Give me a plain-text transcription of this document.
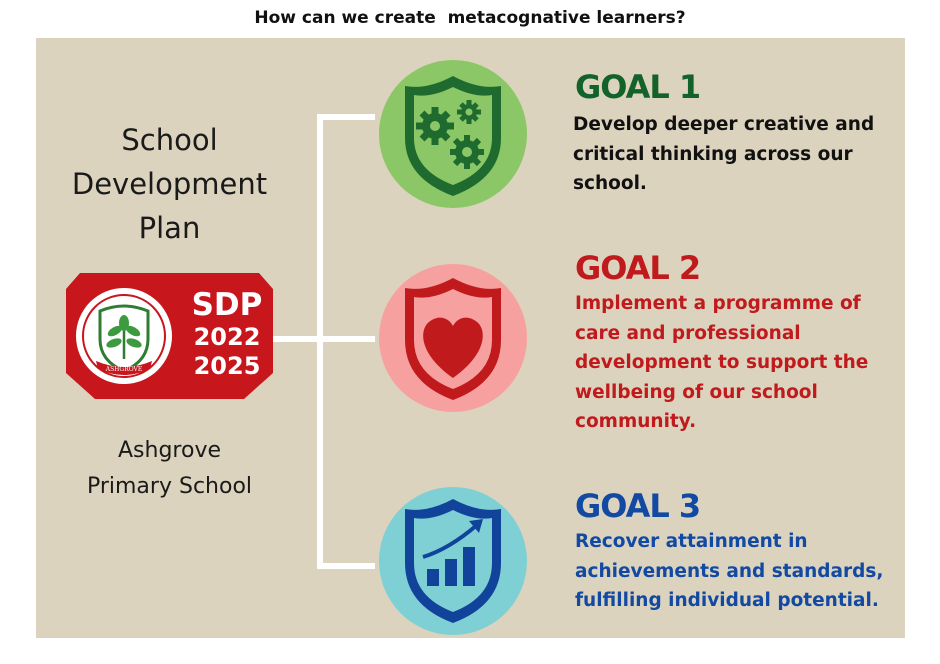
How can we create  metacognative learners?
School
Development
Plan
ASHGROVE
SDP
2022
2025
Ashgrove
Primary School
GOAL 1
Develop deeper creative and critical thinking across our school.
GOAL 2
Implement a programme of care and professional development to support the wellbeing of our school community.
GOAL 3
Recover attainment in achievements and standards, fulfilling individual potential.
